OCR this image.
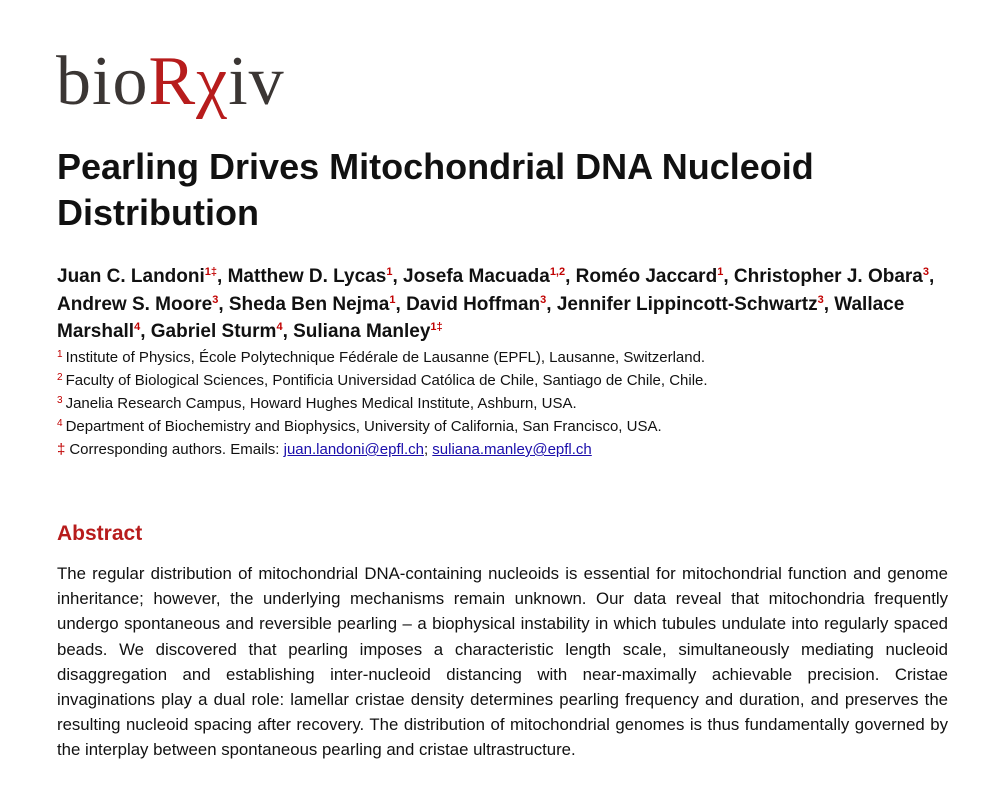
bioRχiv
Pearling Drives Mitochondrial DNA Nucleoid Distribution
Juan C. Landoni$^{1\ddagger}$, Matthew D. Lycas$^1$, Josefa Macuada$^{1,2}$, Roméo Jaccard$^1$, Christopher J. Obara$^3$, Andrew S. Moore$^3$, Sheda Ben Nejma$^1$, David Hoffman$^3$, Jennifer Lippincott-Schwartz$^3$, Wallace Marshall$^4$, Gabriel Sturm$^4$, Suliana Manley$^{1\ddagger}$
$^1$ Institute of Physics, École Polytechnique Fédérale de Lausanne (EPFL), Lausanne, Switzerland.
$^2$ Faculty of Biological Sciences, Pontificia Universidad Católica de Chile, Santiago de Chile, Chile.
$^3$ Janelia Research Campus, Howard Hughes Medical Institute, Ashburn, USA.
$^4$ Department of Biochemistry and Biophysics, University of California, San Francisco, USA.
‡ Corresponding authors. Emails: juan.landoni@epfl.ch; suliana.manley@epfl.ch
Abstract

The regular distribution of mitochondrial DNA-containing nucleoids is essential for mitochondrial function and genome inheritance; however, the underlying mechanisms remain unknown. Our data reveal that mitochondria frequently undergo spontaneous and reversible pearling – a biophysical instability in which tubules undulate into regularly spaced beads. We discovered that pearling imposes a characteristic length scale, simultaneously mediating nucleoid disaggregation and establishing inter-nucleoid distancing with near-maximally achievable precision. Cristae invaginations play a dual role: lamellar cristae density determines pearling frequency and duration, and preserves the resulting nucleoid spacing after recovery. The distribution of mitochondrial genomes is thus fundamentally governed by the interplay between spontaneous pearling and cristae ultrastructure.
